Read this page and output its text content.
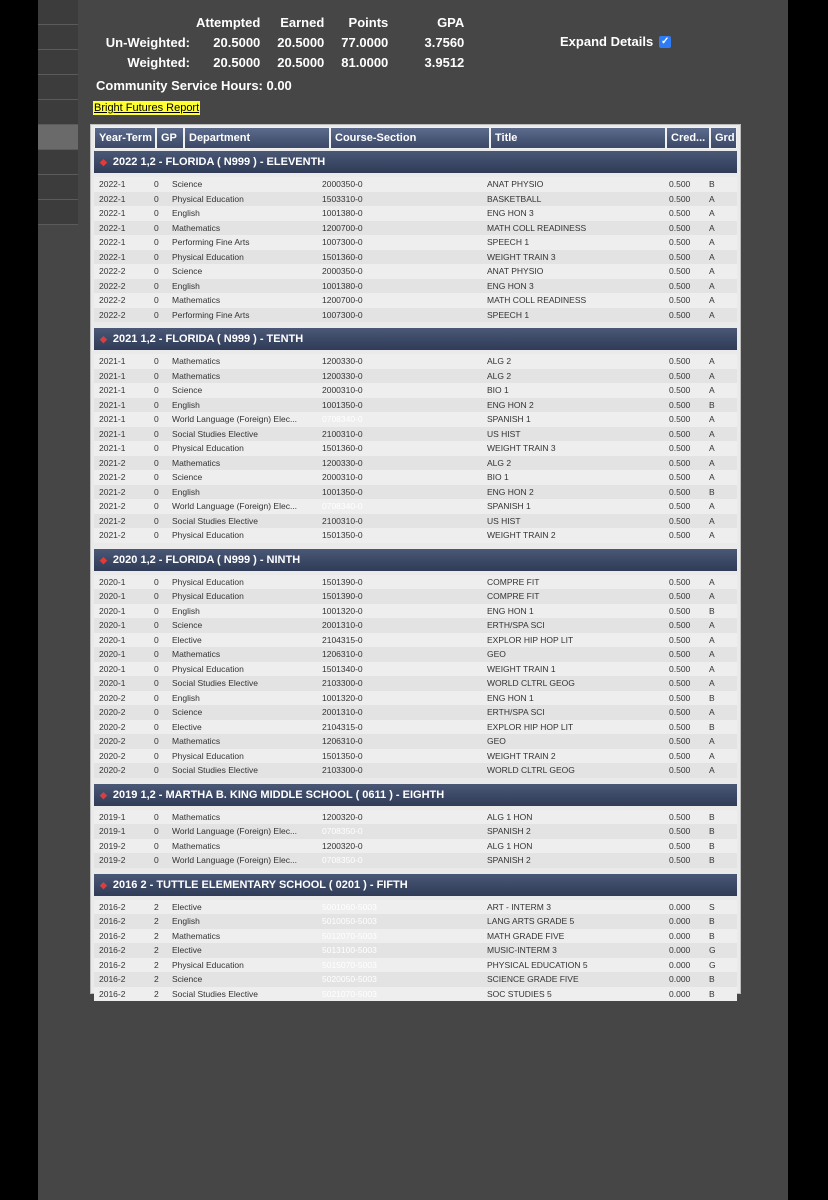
	Attempted	Earned	Points	GPA
Un-Weighted:	20.5000	20.5000	77.0000	3.7560
Weighted:	20.5000	20.5000	81.0000	3.9512
Expand Details ✓
Community Service Hours: 0.00
Bright Futures Report
Year-Term GP	Department	Course-Section	Title	Cred... Grd
◆ 2022 1,2 - FLORIDA ( N999 ) - ELEVENTH
2022-1	0	Science	2000350-0	ANAT PHYSIO	0.500	B
2022-1	0	Physical Education	1503310-0	BASKETBALL	0.500	A
2022-1	0	English	1001380-0	ENG HON 3	0.500	A
2022-1	0	Mathematics	1200700-0	MATH COLL READINESS	0.500	A
2022-1	0	Performing Fine Arts	1007300-0	SPEECH 1	0.500	A
2022-1	0	Physical Education	1501360-0	WEIGHT TRAIN 3	0.500	A
2022-2	0	Science	2000350-0	ANAT PHYSIO	0.500	A
2022-2	0	English	1001380-0	ENG HON 3	0.500	A
2022-2	0	Mathematics	1200700-0	MATH COLL READINESS	0.500	A
2022-2	0	Performing Fine Arts	1007300-0	SPEECH 1	0.500	A
◆ 2021 1,2 - FLORIDA ( N999 ) - TENTH
2021-1	0	Mathematics	1200330-0	ALG 2	0.500	A
2021-1	0	Mathematics	1200330-0	ALG 2	0.500	A
2021-1	0	Science	2000310-0	BIO 1	0.500	A
2021-1	0	English	1001350-0	ENG HON 2	0.500	B
2021-1	0	World Language (Foreign) Elec...	0708340-0	SPANISH 1	0.500	A
2021-1	0	Social Studies Elective	2100310-0	US HIST	0.500	A
2021-1	0	Physical Education	1501360-0	WEIGHT TRAIN 3	0.500	A
2021-2	0	Mathematics	1200330-0	ALG 2	0.500	A
2021-2	0	Science	2000310-0	BIO 1	0.500	A
2021-2	0	English	1001350-0	ENG HON 2	0.500	B
2021-2	0	World Language (Foreign) Elec...	0708340-0	SPANISH 1	0.500	A
2021-2	0	Social Studies Elective	2100310-0	US HIST	0.500	A
2021-2	0	Physical Education	1501350-0	WEIGHT TRAIN 2	0.500	A
◆ 2020 1,2 - FLORIDA ( N999 ) - NINTH
2020-1	0	Physical Education	1501390-0	COMPRE FIT	0.500	A
2020-1	0	Physical Education	1501390-0	COMPRE FIT	0.500	A
2020-1	0	English	1001320-0	ENG HON 1	0.500	B
2020-1	0	Science	2001310-0	ERTH/SPA SCI	0.500	A
2020-1	0	Elective	2104315-0	EXPLOR HIP HOP LIT	0.500	A
2020-1	0	Mathematics	1206310-0	GEO	0.500	A
2020-1	0	Physical Education	1501340-0	WEIGHT TRAIN 1	0.500	A
2020-1	0	Social Studies Elective	2103300-0	WORLD CLTRL GEOG	0.500	A
2020-2	0	English	1001320-0	ENG HON 1	0.500	B
2020-2	0	Science	2001310-0	ERTH/SPA SCI	0.500	A
2020-2	0	Elective	2104315-0	EXPLOR HIP HOP LIT	0.500	B
2020-2	0	Mathematics	1206310-0	GEO	0.500	A
2020-2	0	Physical Education	1501350-0	WEIGHT TRAIN 2	0.500	A
2020-2	0	Social Studies Elective	2103300-0	WORLD CLTRL GEOG	0.500	A
◆ 2019 1,2 - MARTHA B. KING MIDDLE SCHOOL ( 0611 ) - EIGHTH
2019-1	0	Mathematics	1200320-0	ALG 1 HON	0.500	B
2019-1	0	World Language (Foreign) Elec...	0708350-0	SPANISH 2	0.500	B
2019-2	0	Mathematics	1200320-0	ALG 1 HON	0.500	B
2019-2	0	World Language (Foreign) Elec...	0708350-0	SPANISH 2	0.500	B
◆ 2016 2 - TUTTLE ELEMENTARY SCHOOL ( 0201 ) - FIFTH
2016-2	2	Elective	5001060-5003	ART - INTERM 3	0.000	S
2016-2	2	English	5010050-5003	LANG ARTS GRADE 5	0.000	B
2016-2	2	Mathematics	5012070-5003	MATH GRADE FIVE	0.000	B
2016-2	2	Elective	5013100-5003	MUSIC-INTERM 3	0.000	G
2016-2	2	Physical Education	5015070-5003	PHYSICAL EDUCATION 5	0.000	G
2016-2	2	Science	5020050-5003	SCIENCE GRADE FIVE	0.000	B
2016-2	2	Social Studies Elective	5021070-5003	SOC STUDIES 5	0.000	B
